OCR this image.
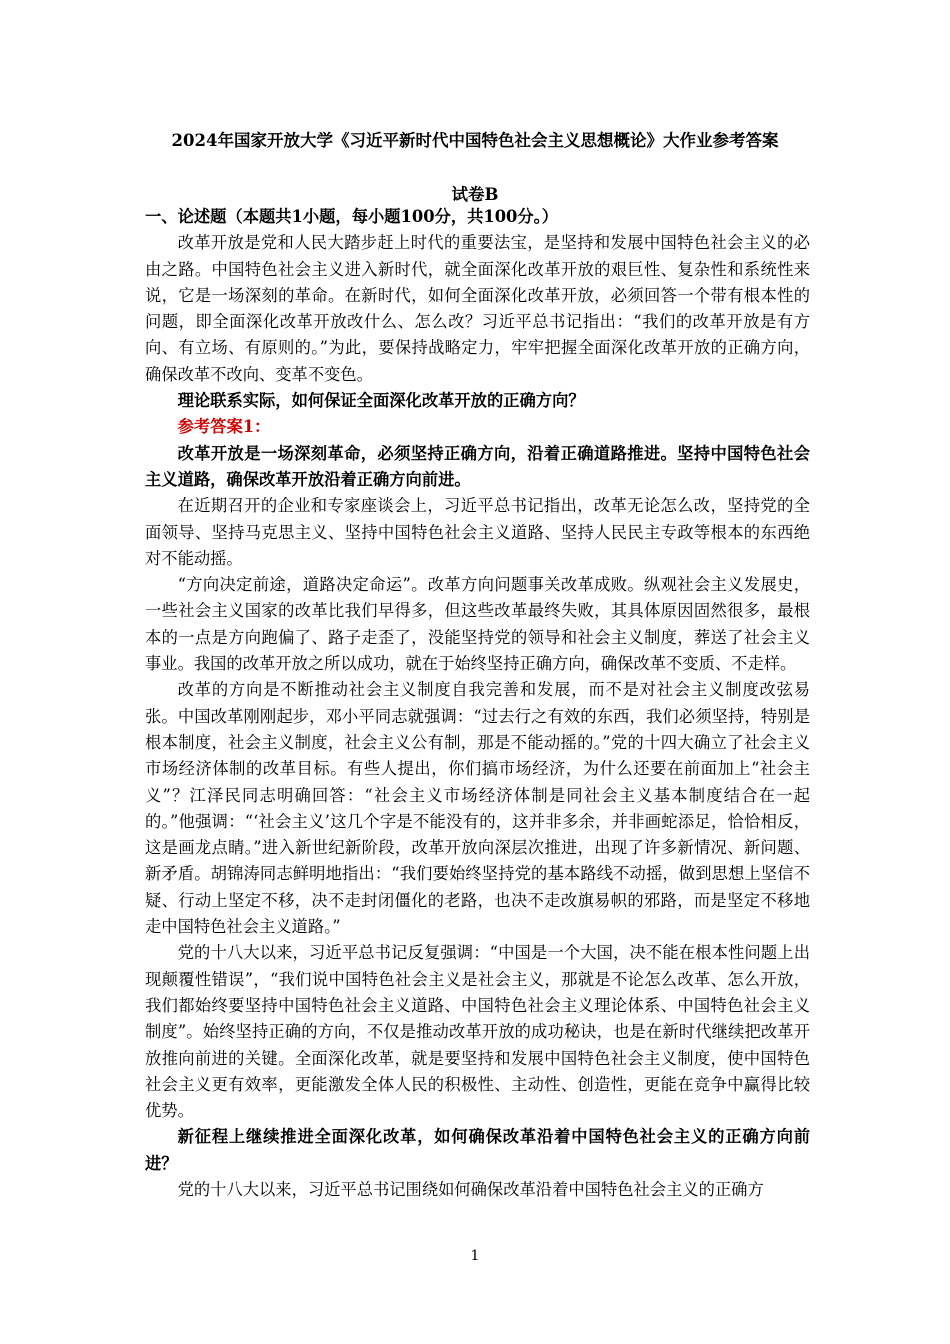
2024年国家开放大学《习近平新时代中国特色社会主义思想概论》大作业参考答案
试卷B

一、论述题（本题共1小题，每小题100分，共100分。）

改革开放是党和人民大踏步赶上时代的重要法宝，是坚持和发展中国特色社会主义的必由之路。中国特色社会主义进入新时代，就全面深化改革开放的艰巨性、复杂性和系统性来说，它是一场深刻的革命。在新时代，如何全面深化改革开放，必须回答一个带有根本性的问题，即全面深化改革开放改什么、怎么改？习近平总书记指出：“我们的改革开放是有方向、有立场、有原则的。”为此，要保持战略定力，牢牢把握全面深化改革开放的正确方向，确保改革不改向、变革不变色。

理论联系实际，如何保证全面深化改革开放的正确方向？

参考答案1：

改革开放是一场深刻革命，必须坚持正确方向，沿着正确道路推进。坚持中国特色社会主义道路，确保改革开放沿着正确方向前进。

在近期召开的企业和专家座谈会上，习近平总书记指出，改革无论怎么改，坚持党的全面领导、坚持马克思主义、坚持中国特色社会主义道路、坚持人民民主专政等根本的东西绝对不能动摇。

“方向决定前途，道路决定命运”。改革方向问题事关改革成败。纵观社会主义发展史，一些社会主义国家的改革比我们早得多，但这些改革最终失败，其具体原因固然很多，最根本的一点是方向跑偏了、路子走歪了，没能坚持党的领导和社会主义制度，葬送了社会主义事业。我国的改革开放之所以成功，就在于始终坚持正确方向，确保改革不变质、不走样。

改革的方向是不断推动社会主义制度自我完善和发展，而不是对社会主义制度改弦易张。中国改革刚刚起步，邓小平同志就强调：“过去行之有效的东西，我们必须坚持，特别是根本制度，社会主义制度，社会主义公有制，那是不能动摇的。”党的十四大确立了社会主义市场经济体制的改革目标。有些人提出，你们搞市场经济，为什么还要在前面加上“社会主义”？江泽民同志明确回答：“社会主义市场经济体制是同社会主义基本制度结合在一起的。”他强调：“‘社会主义’这几个字是不能没有的，这并非多余，并非画蛇添足，恰恰相反，这是画龙点睛。”进入新世纪新阶段，改革开放向深层次推进，出现了许多新情况、新问题、新矛盾。胡锦涛同志鲜明地指出：“我们要始终坚持党的基本路线不动摇，做到思想上坚信不疑、行动上坚定不移，决不走封闭僵化的老路，也决不走改旗易帜的邪路，而是坚定不移地走中国特色社会主义道路。”

党的十八大以来，习近平总书记反复强调：“中国是一个大国，决不能在根本性问题上出现颠覆性错误”，“我们说中国特色社会主义是社会主义，那就是不论怎么改革、怎么开放，我们都始终要坚持中国特色社会主义道路、中国特色社会主义理论体系、中国特色社会主义制度”。始终坚持正确的方向，不仅是推动改革开放的成功秘诀，也是在新时代继续把改革开放推向前进的关键。全面深化改革，就是要坚持和发展中国特色社会主义制度，使中国特色社会主义更有效率，更能激发全体人民的积极性、主动性、创造性，更能在竞争中赢得比较优势。

新征程上继续推进全面深化改革，如何确保改革沿着中国特色社会主义的正确方向前进？

党的十八大以来，习近平总书记围绕如何确保改革沿着中国特色社会主义的正确方

1
